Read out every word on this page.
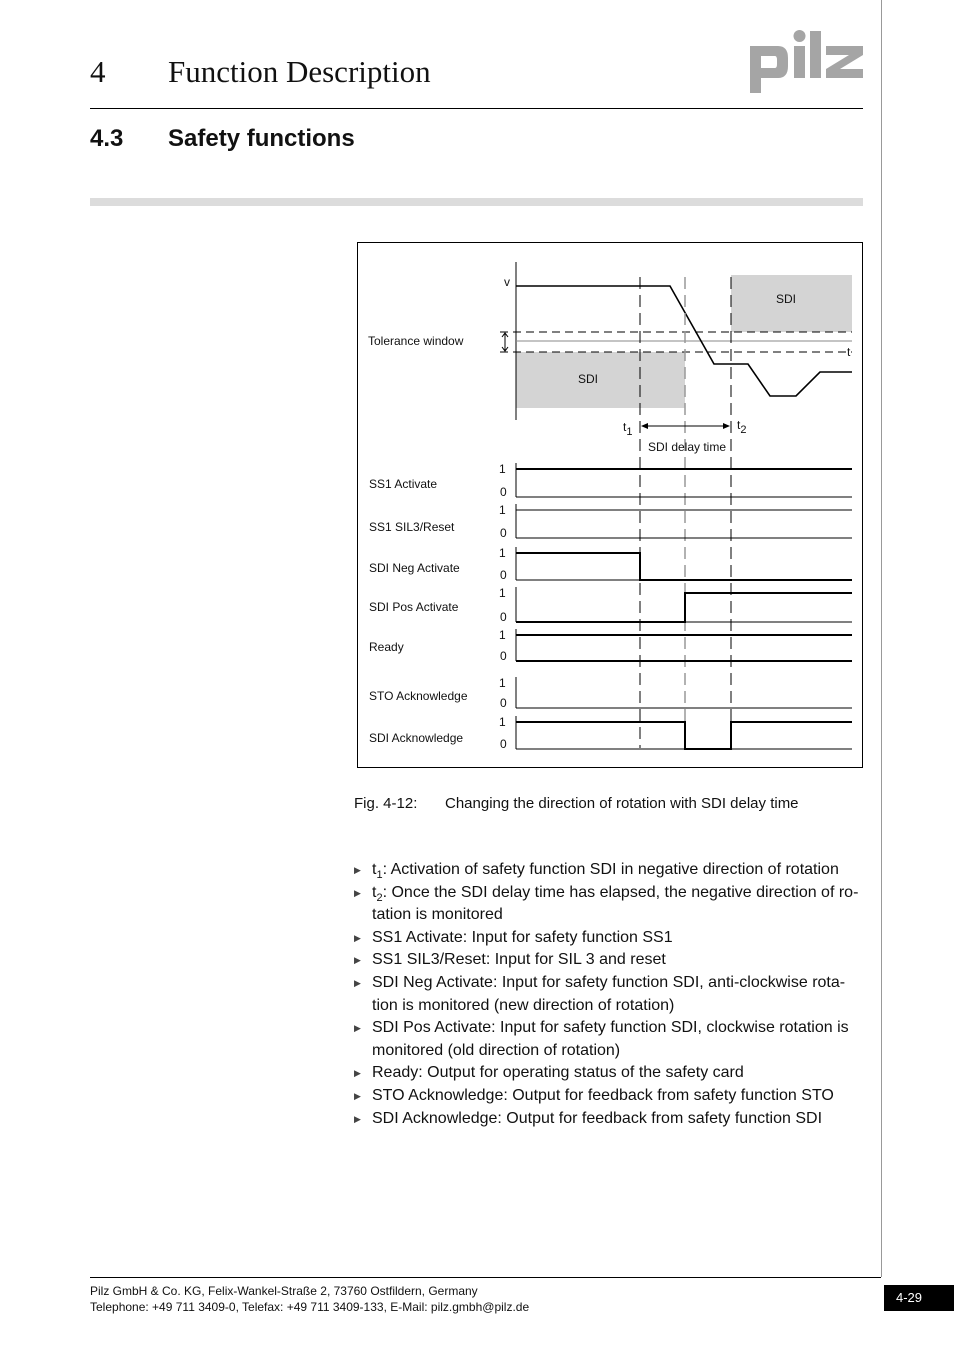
4 Function Description
4.3 Safety functions
SDI
SDI
v
t
Tolerance window
t1	t2
SDI delay time
1
0
SS1 Activate
1
0
SS1 SIL3/Reset
1
0
SDI Neg Activate
1
0
SDI Pos Activate
1
0
Ready
1
0
STO Acknowledge
1
0
SDI Acknowledge
Fig. 4-12: Changing the direction of rotation with SDI delay time
▶ $t_1$: Activation of safety function SDI in negative direction of rotation
▶ $t_2$: Once the SDI delay time has elapsed, the negative direction of ro-tation is monitored
▶ SS1 Activate: Input for safety function SS1
▶ SS1 SIL3/Reset: Input for SIL 3 and reset
▶ SDI Neg Activate: Input for safety function SDI, anti-clockwise rota-tion is monitored (new direction of rotation)
▶ SDI Pos Activate: Input for safety function SDI, clockwise rotation is monitored (old direction of rotation)
▶ Ready: Output for operating status of the safety card
▶ STO Acknowledge: Output for feedback from safety function STO
▶ SDI Acknowledge: Output for feedback from safety function SDI
Pilz GmbH & Co. KG, Felix-Wankel-Straße 2, 73760 Ostfildern, Germany
Telephone: +49 711 3409-0, Telefax: +49 711 3409-133, E-Mail: pilz.gmbh@pilz.de
4-29
